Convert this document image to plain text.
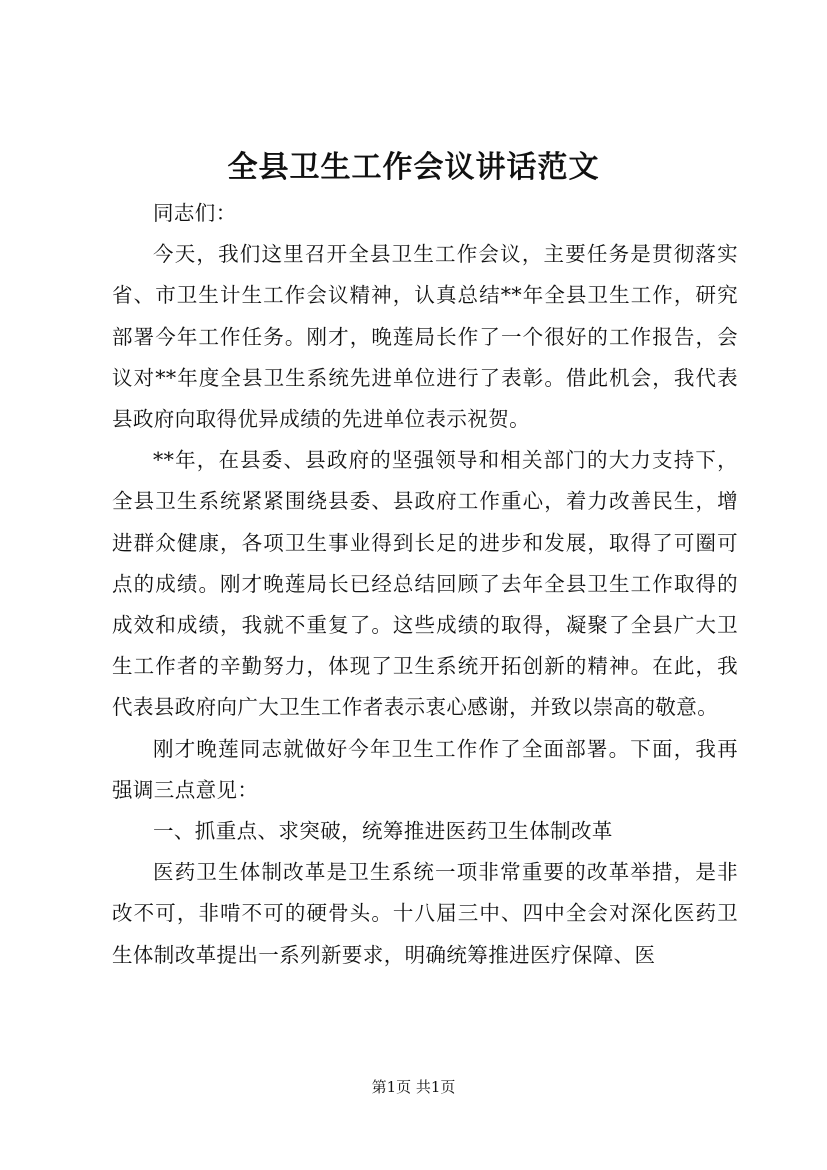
全县卫生工作会议讲话范文

同志们：

今天，我们这里召开全县卫生工作会议，主要任务是贯彻落实省、市卫生计生工作会议精神，认真总结**年全县卫生工作，研究部署今年工作任务。刚才，晚莲局长作了一个很好的工作报告，会议对**年度全县卫生系统先进单位进行了表彰。借此机会，我代表县政府向取得优异成绩的先进单位表示祝贺。

**年，在县委、县政府的坚强领导和相关部门的大力支持下，全县卫生系统紧紧围绕县委、县政府工作重心，着力改善民生，增进群众健康，各项卫生事业得到长足的进步和发展，取得了可圈可点的成绩。刚才晚莲局长已经总结回顾了去年全县卫生工作取得的成效和成绩，我就不重复了。这些成绩的取得，凝聚了全县广大卫生工作者的辛勤努力，体现了卫生系统开拓创新的精神。在此，我代表县政府向广大卫生工作者表示衷心感谢，并致以崇高的敬意。

刚才晚莲同志就做好今年卫生工作作了全面部署。下面，我再强调三点意见：

一、抓重点、求突破，统筹推进医药卫生体制改革

医药卫生体制改革是卫生系统一项非常重要的改革举措，是非改不可，非啃不可的硬骨头。十八届三中、四中全会对深化医药卫生体制改革提出一系列新要求，明确统筹推进医疗保障、医

第1页 共1页
